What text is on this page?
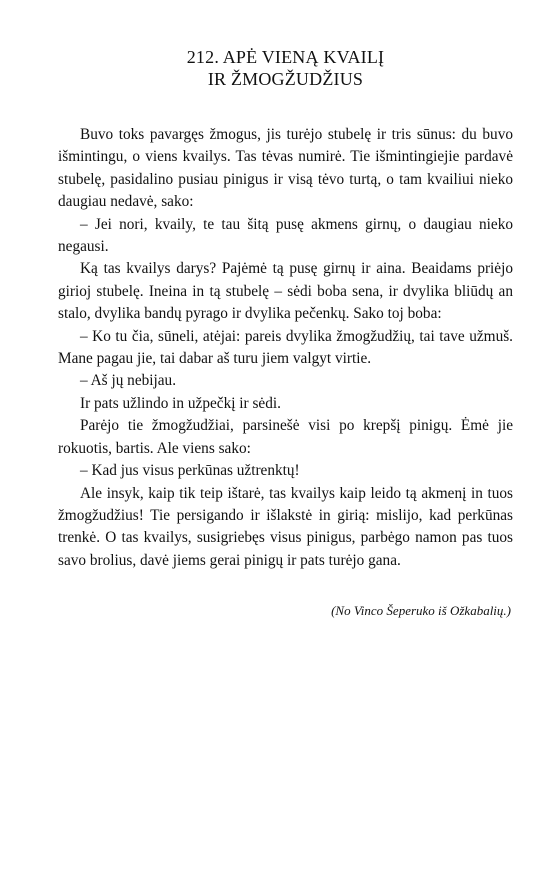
212. APĖ VIENĄ KVAILĮ
IR ŽMOGŽUDŽIUS

Buvo toks pavargęs žmogus, jis turėjo stubelę ir tris sūnus: du buvo išmintingu, o viens kvailys. Tas tėvas numirė. Tie išmintingiejie pardavė stubelę, pasidalino pusiau pinigus ir visą tėvo turtą, o tam kvailiui nieko daugiau nedavė, sako:

– Jei nori, kvaily, te tau šitą pusę akmens girnų, o daugiau nieko negausi.

Ką tas kvailys darys? Pajėmė tą pusę girnų ir aina. Beaidams priėjo girioj stubelę. Ineina in tą stubelę – sėdi boba sena, ir dvylika bliūdų an stalo, dvylika bandų pyrago ir dvylika pečenkų. Sako toj boba:

– Ko tu čia, sūneli, atėjai: pareis dvylika žmogžudžių, tai tave užmuš. Mane pagau jie, tai dabar aš turu jiem valgyt virtie.

– Aš jų nebijau.

Ir pats užlindo in užpečkį ir sėdi.

Parėjo tie žmogžudžiai, parsinešė visi po krepšį pinigų. Ėmė jie rokuotis, bartis. Ale viens sako:

– Kad jus visus perkūnas užtrenktų!

Ale insyk, kaip tik teip ištarė, tas kvailys kaip leido tą akmenį in tuos žmogžudžius! Tie persigando ir išlakstė in girią: mislijo, kad perkūnas trenkė. O tas kvailys, susigriebęs visus pinigus, parbėgo namon pas tuos savo brolius, davė jiems gerai pinigų ir pats turėjo gana.

(No Vinco Šeperuko iš Ožkabalių.)
